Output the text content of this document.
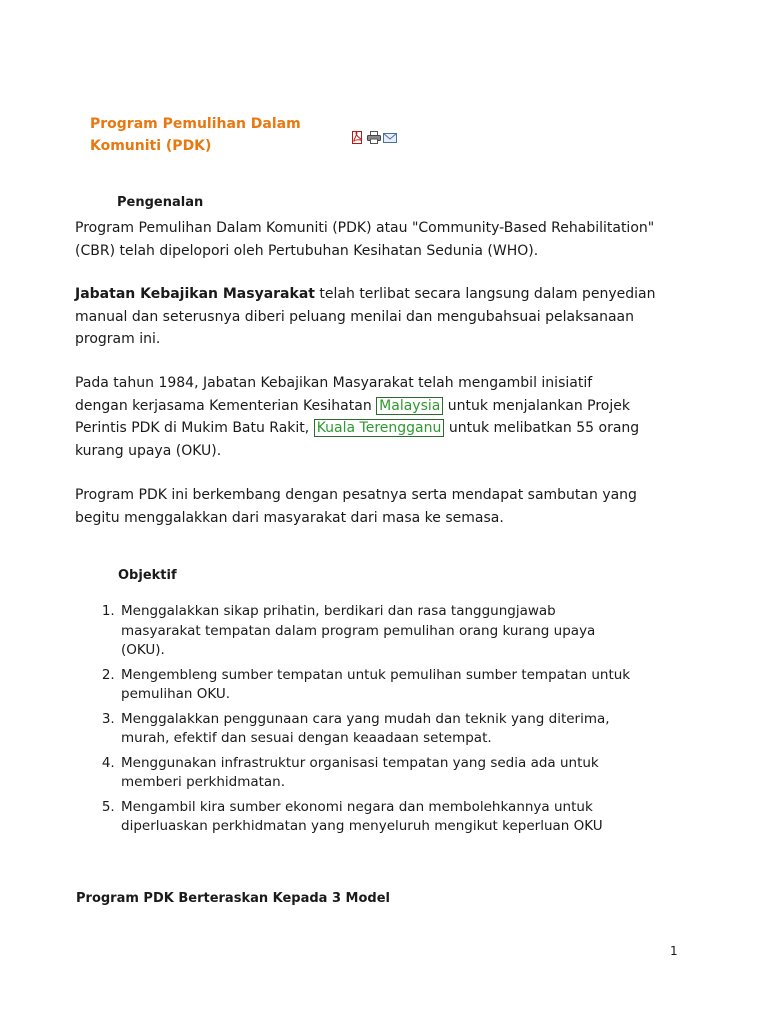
Program Pemulihan Dalam
Komuniti (PDK)
Pengenalan
Program Pemulihan Dalam Komuniti (PDK) atau "Community-Based Rehabilitation"
(CBR) telah dipelopori oleh Pertubuhan Kesihatan Sedunia (WHO).
Jabatan Kebajikan Masyarakat telah terlibat secara langsung dalam penyedian
manual dan seterusnya diberi peluang menilai dan mengubahsuai pelaksanaan
program ini.
Pada tahun 1984, Jabatan Kebajikan Masyarakat telah mengambil inisiatif
dengan kerjasama Kementerian Kesihatan Malaysia untuk menjalankan Projek
Perintis PDK di Mukim Batu Rakit, Kuala Terengganu untuk melibatkan 55 orang
kurang upaya (OKU).
Program PDK ini berkembang dengan pesatnya serta mendapat sambutan yang
begitu menggalakkan dari masyarakat dari masa ke semasa.
Objektif
1. Menggalakkan sikap prihatin, berdikari dan rasa tanggungjawab
masyarakat tempatan dalam program pemulihan orang kurang upaya
(OKU).
2. Mengembleng sumber tempatan untuk pemulihan sumber tempatan untuk
pemulihan OKU.
3. Menggalakkan penggunaan cara yang mudah dan teknik yang diterima,
murah, efektif dan sesuai dengan keaadaan setempat.
4. Menggunakan infrastruktur organisasi tempatan yang sedia ada untuk
memberi perkhidmatan.
5. Mengambil kira sumber ekonomi negara dan membolehkannya untuk
diperluaskan perkhidmatan yang menyeluruh mengikut keperluan OKU
Program PDK Berteraskan Kepada 3 Model
1
